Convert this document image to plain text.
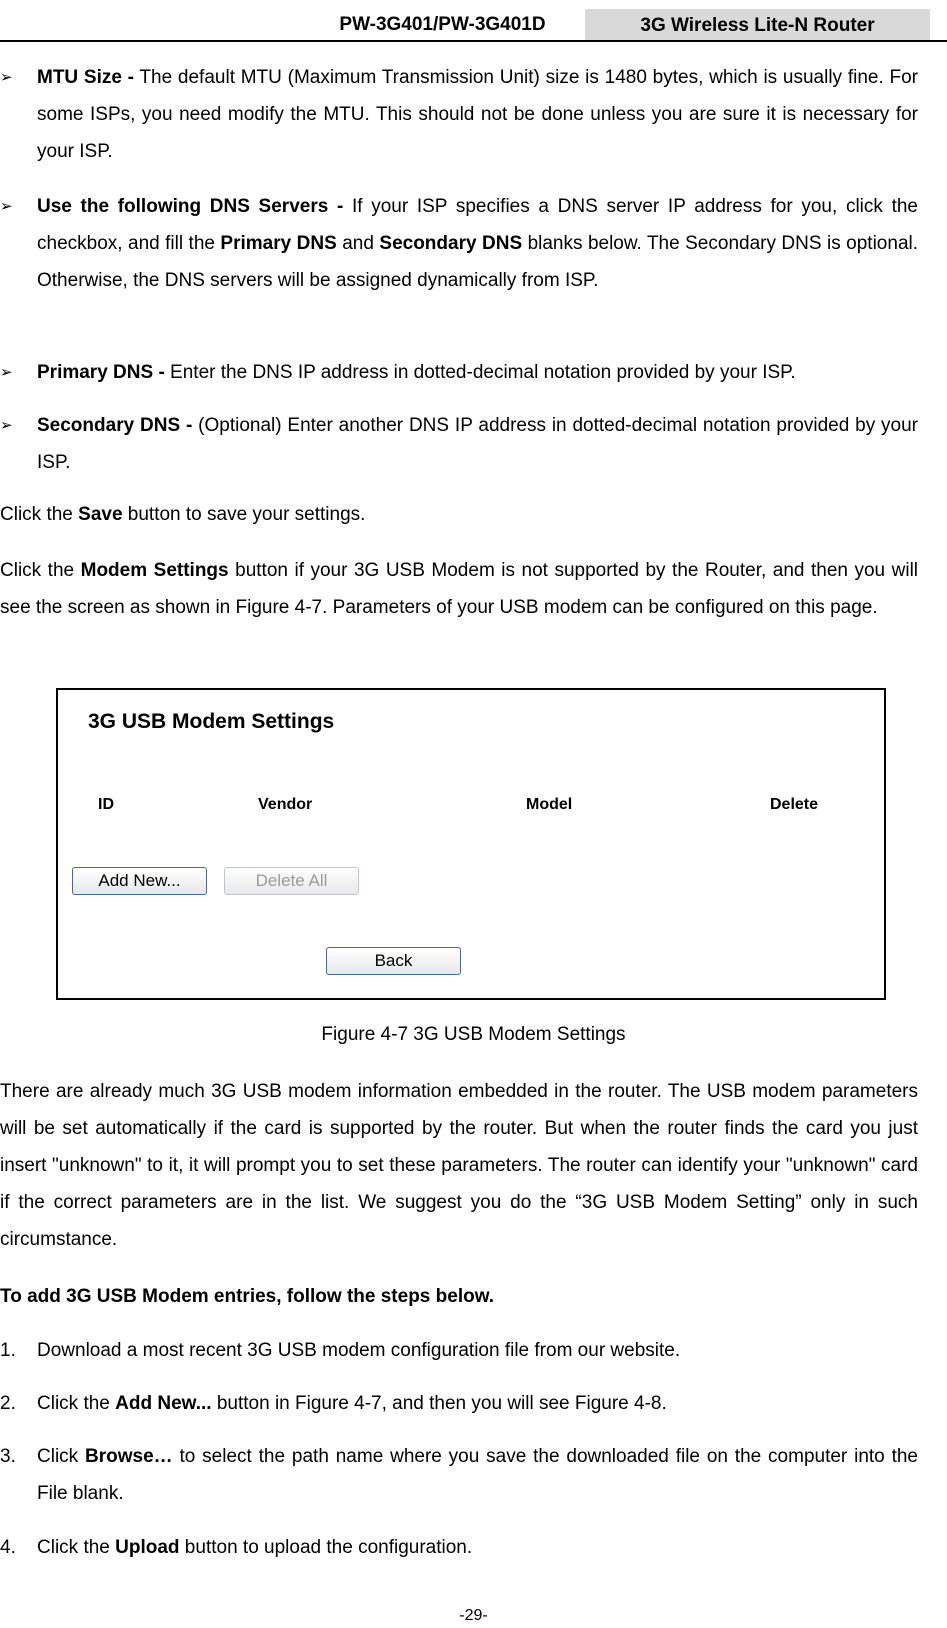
PW-3G401/PW-3G401D	3G Wireless Lite-N Router
➢ MTU Size - The default MTU (Maximum Transmission Unit) size is 1480 bytes, which is usually fine. For some ISPs, you need modify the MTU. This should not be done unless you are sure it is necessary for your ISP.
➢ Use the following DNS Servers - If your ISP specifies a DNS server IP address for you, click the checkbox, and fill the Primary DNS and Secondary DNS blanks below. The Secondary DNS is optional. Otherwise, the DNS servers will be assigned dynamically from ISP.
➢ Primary DNS - Enter the DNS IP address in dotted-decimal notation provided by your ISP.
➢ Secondary DNS - (Optional) Enter another DNS IP address in dotted-decimal notation provided by your ISP.
Click the Save button to save your settings.
Click the Modem Settings button if your 3G USB Modem is not supported by the Router, and then you will see the screen as shown in Figure 4-7. Parameters of your USB modem can be configured on this page.
3G USB Modem Settings
ID	Vendor	Model	Delete
Add New...	Delete All
Back
Figure 4-7 3G USB Modem Settings
There are already much 3G USB modem information embedded in the router. The USB modem parameters will be set automatically if the card is supported by the router. But when the router finds the card you just insert "unknown" to it, it will prompt you to set these parameters. The router can identify your "unknown" card if the correct parameters are in the list. We suggest you do the “3G USB Modem Setting” only in such circumstance.
To add 3G USB Modem entries, follow the steps below.
1. Download a most recent 3G USB modem configuration file from our website.
2. Click the Add New... button in Figure 4-7, and then you will see Figure 4-8.
3. Click Browse… to select the path name where you save the downloaded file on the computer into the File blank.
4. Click the Upload button to upload the configuration.
-29-
